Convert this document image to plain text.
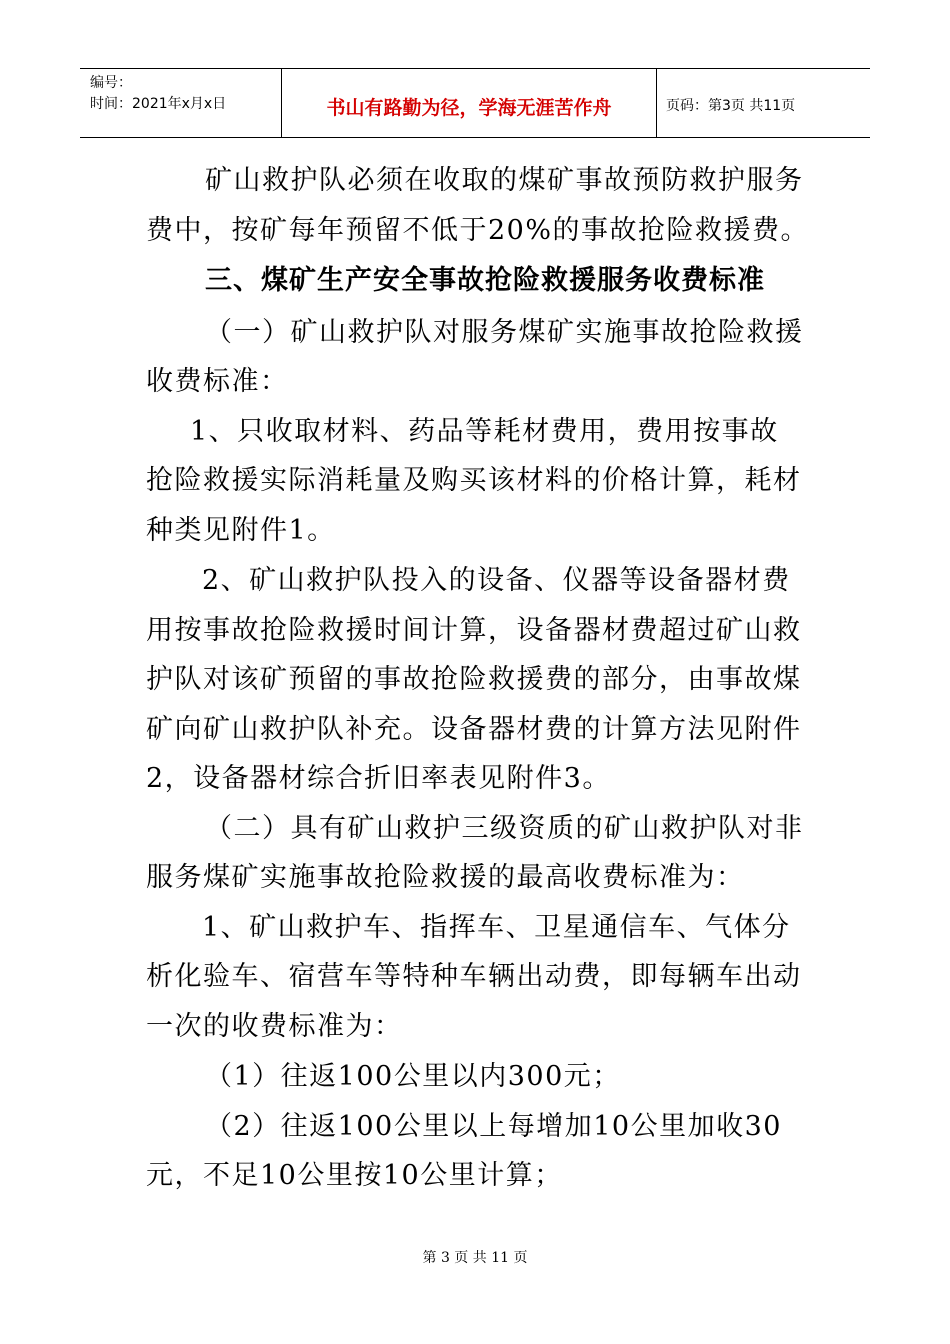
编号：
时间：2021年x月x日	书山有路勤为径，学海无涯苦作舟	页码：第3页 共11页
矿山救护队必须在收取的煤矿事故预防救护服务
费中，按矿每年预留不低于20%的事故抢险救援费。
三、煤矿生产安全事故抢险救援服务收费标准
（一）矿山救护队对服务煤矿实施事故抢险救援
收费标准：
1、只收取材料、药品等耗材费用，费用按事故
抢险救援实际消耗量及购买该材料的价格计算，耗材
种类见附件1。
2、矿山救护队投入的设备、仪器等设备器材费
用按事故抢险救援时间计算，设备器材费超过矿山救
护队对该矿预留的事故抢险救援费的部分，由事故煤
矿向矿山救护队补充。设备器材费的计算方法见附件
2，设备器材综合折旧率表见附件3。
（二）具有矿山救护三级资质的矿山救护队对非
服务煤矿实施事故抢险救援的最高收费标准为：
1、矿山救护车、指挥车、卫星通信车、气体分
析化验车、宿营车等特种车辆出动费，即每辆车出动
一次的收费标准为：
（1）往返100公里以内300元；
（2）往返100公里以上每增加10公里加收30
元，不足10公里按10公里计算；
第 3 页 共 11 页
